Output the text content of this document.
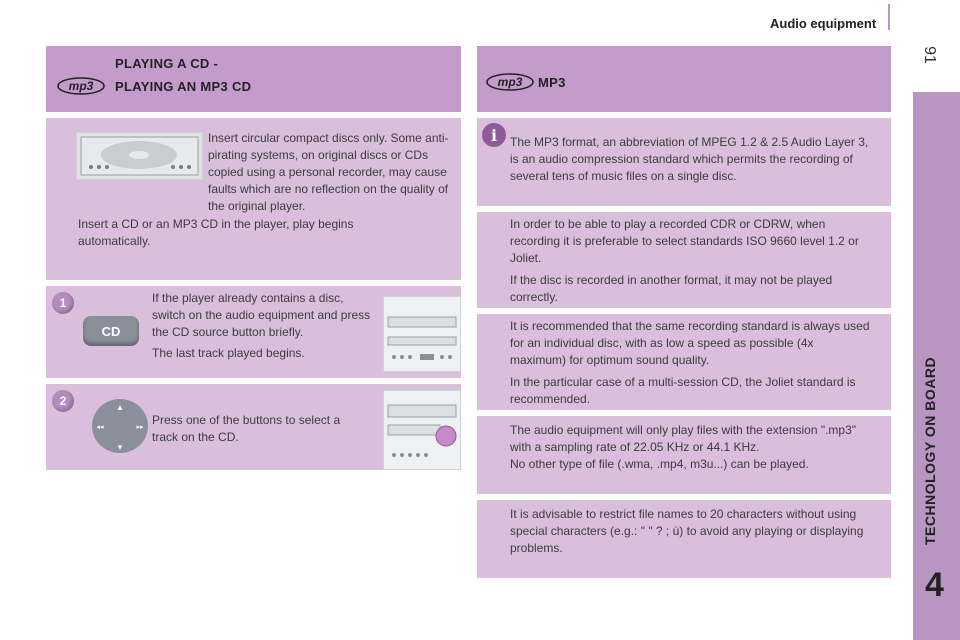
Audio equipment
91
TECHNOLOGY ON BOARD
4
PLAYING A CD -
mp3 PLAYING AN MP3 CD
Insert circular compact discs only. Some anti-pirating systems, on original discs or CDs copied using a personal recorder, may cause faults which are no reflection on the quality of the original player.
Insert a CD or an MP3 CD in the player, play begins automatically.
1
CD

If the player already contains a disc, switch on the audio equipment and press the CD source button briefly.

The last track played begins.

2	▴
▾
◂◂	▸▸ Press one of the buttons to select a track on the CD.
mp3 MP3
i	The MP3 format, an abbreviation of MPEG 1.2 & 2.5 Audio Layer 3, is an audio compression standard which permits the recording of several tens of music files on a single disc.

In order to be able to play a recorded CDR or CDRW, when recording it is preferable to select standards ISO 9660 level 1.2 or Joliet.

If the disc is recorded in another format, it may not be played correctly.

It is recommended that the same recording standard is always used for an individual disc, with as low a speed as possible (4x maximum) for optimum sound quality.

In the particular case of a multi-session CD, the Joliet standard is recommended.

The audio equipment will only play files with the extension ".mp3" with a sampling rate of 22.05 KHz or 44.1 KHz.

No other type of file (.wma, .mp4, m3u...) can be played.

It is advisable to restrict file names to 20 characters without using special characters (e.g.: " " ? ; ù) to avoid any playing or displaying problems.
